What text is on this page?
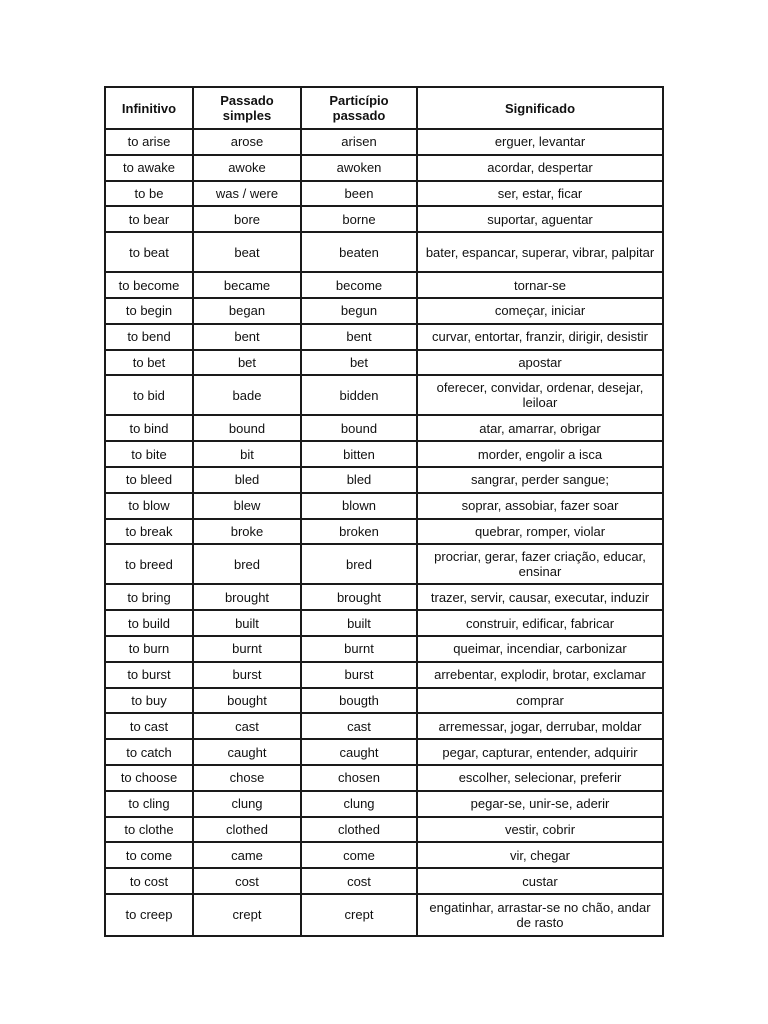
Infinitivo	Passado simples	Particípio passado	Significado
to arise	arose	arisen	erguer, levantar
to awake	awoke	awoken	acordar, despertar
to be	was / were	been	ser, estar, ficar
to bear	bore	borne	suportar, aguentar
to beat	beat	beaten	bater, espancar, superar, vibrar, palpitar
to become	became	become	tornar-se
to begin	began	begun	começar, iniciar
to bend	bent	bent	curvar, entortar, franzir, dirigir, desistir
to bet	bet	bet	apostar
to bid	bade	bidden	oferecer, convidar, ordenar, desejar, leiloar
to bind	bound	bound	atar, amarrar, obrigar
to bite	bit	bitten	morder, engolir a isca
to bleed	bled	bled	sangrar, perder sangue;
to blow	blew	blown	soprar, assobiar, fazer soar
to break	broke	broken	quebrar, romper, violar
to breed	bred	bred	procriar, gerar, fazer criação, educar, ensinar
to bring	brought	brought	trazer, servir, causar, executar, induzir
to build	built	built	construir, edificar, fabricar
to burn	burnt	burnt	queimar, incendiar, carbonizar
to burst	burst	burst	arrebentar, explodir, brotar, exclamar
to buy	bought	bougth	comprar
to cast	cast	cast	arremessar, jogar, derrubar, moldar
to catch	caught	caught	pegar, capturar, entender, adquirir
to choose	chose	chosen	escolher, selecionar, preferir
to cling	clung	clung	pegar-se, unir-se, aderir
to clothe	clothed	clothed	vestir, cobrir
to come	came	come	vir, chegar
to cost	cost	cost	custar
to creep	crept	crept	engatinhar, arrastar-se no chão, andar de rasto
